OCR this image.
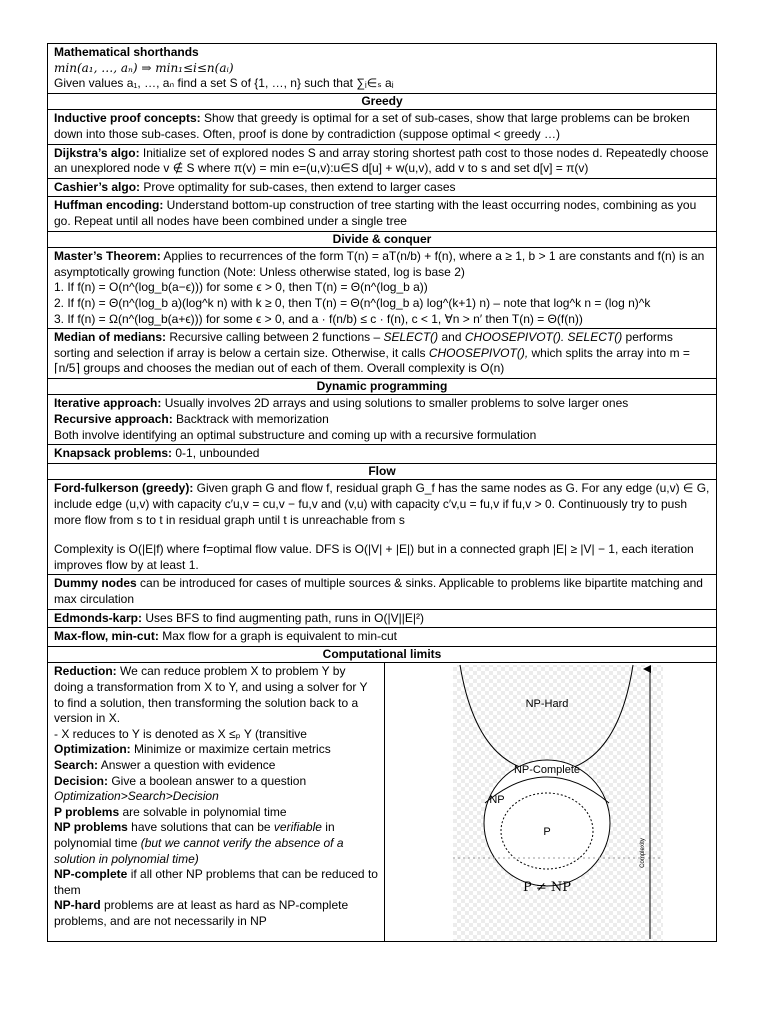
Mathematical shorthands
min(a₁, …, aₙ) ⇒ min₁≤i≤n(aᵢ)
Given values a₁, …, aₙ find a set S of {1, …, n} such that ∑ᵢ∈ₛ aᵢ
Greedy
Inductive proof concepts: Show that greedy is optimal for a set of sub-cases, show that large problems can be broken down into those sub-cases. Often, proof is done by contradiction (suppose optimal < greedy …)
Dijkstra’s algo: Initialize set of explored nodes S and array storing shortest path cost to those nodes d. Repeatedly choose an unexplored node v ∉ S where π(v) = min e=(u,v):u∈S d[u] + w(u,v), add v to s and set d[v] = π(v)
Cashier’s algo: Prove optimality for sub-cases, then extend to larger cases
Huffman encoding: Understand bottom-up construction of tree starting with the least occurring nodes, combining as you go. Repeat until all nodes have been combined under a single tree
Divide & conquer
Master’s Theorem: Applies to recurrences of the form T(n) = aT(n/b) + f(n), where a ≥ 1, b > 1 are constants and f(n) is an asymptotically growing function (Note: Unless otherwise stated, log is base 2)
1. If f(n) = O(n^(log_b(a−ϵ))) for some ϵ > 0, then T(n) = Θ(n^(log_b a))
2. If f(n) = Θ(n^(log_b a)(log^k n) with k ≥ 0, then T(n) = Θ(n^(log_b a) log^(k+1) n) – note that log^k n = (log n)^k
3. If f(n) = Ω(n^(log_b(a+ϵ))) for some ϵ > 0, and a · f(n/b) ≤ c · f(n), c < 1, ∀n > n′ then T(n) = Θ(f(n))
Median of medians: Recursive calling between 2 functions – SELECT() and CHOOSEPIVOT(). SELECT() performs sorting and selection if array is below a certain size. Otherwise, it calls CHOOSEPIVOT(), which splits the array into m = ⌈n/5⌉ groups and chooses the median out of each of them. Overall complexity is O(n)
Dynamic programming
Iterative approach: Usually involves 2D arrays and using solutions to smaller problems to solve larger ones
Recursive approach: Backtrack with memorization
Both involve identifying an optimal substructure and coming up with a recursive formulation
Knapsack problems: 0-1, unbounded
Flow
Ford-fulkerson (greedy): Given graph G and flow f, residual graph G_f has the same nodes as G. For any edge (u,v) ∈ G, include edge (u,v) with capacity c′u,v = cu,v − fu,v and (v,u) with capacity c′v,u = fu,v if fu,v > 0. Continuously try to push more flow from s to t in residual graph until t is unreachable from s
Complexity is O(|E|f) where f=optimal flow value. DFS is O(|V| + |E|) but in a connected graph |E| ≥ |V| − 1, each iteration improves flow by at least 1.
Dummy nodes can be introduced for cases of multiple sources & sinks. Applicable to problems like bipartite matching and max circulation
Edmonds-karp: Uses BFS to find augmenting path, runs in O(|V||E|²)
Max-flow, min-cut: Max flow for a graph is equivalent to min-cut
Computational limits
Reduction: We can reduce problem X to problem Y by doing a transformation from X to Y, and using a solver for Y to find a solution, then transforming the solution back to a version in X.
- X reduces to Y is denoted as X ≤ₚ Y (transitive
Optimization: Minimize or maximize certain metrics
Search: Answer a question with evidence
Decision: Give a boolean answer to a question
Optimization>Search>Decision
P problems are solvable in polynomial time
NP problems have solutions that can be verifiable in polynomial time (but we cannot verify the absence of a solution in polynomial time)
NP-complete if all other NP problems that can be reduced to them
NP-hard problems are at least as hard as NP-complete problems, and are not necessarily in NP
NP-Hard
NP-Complete
NP
P
Complexity
P ≠ NP
